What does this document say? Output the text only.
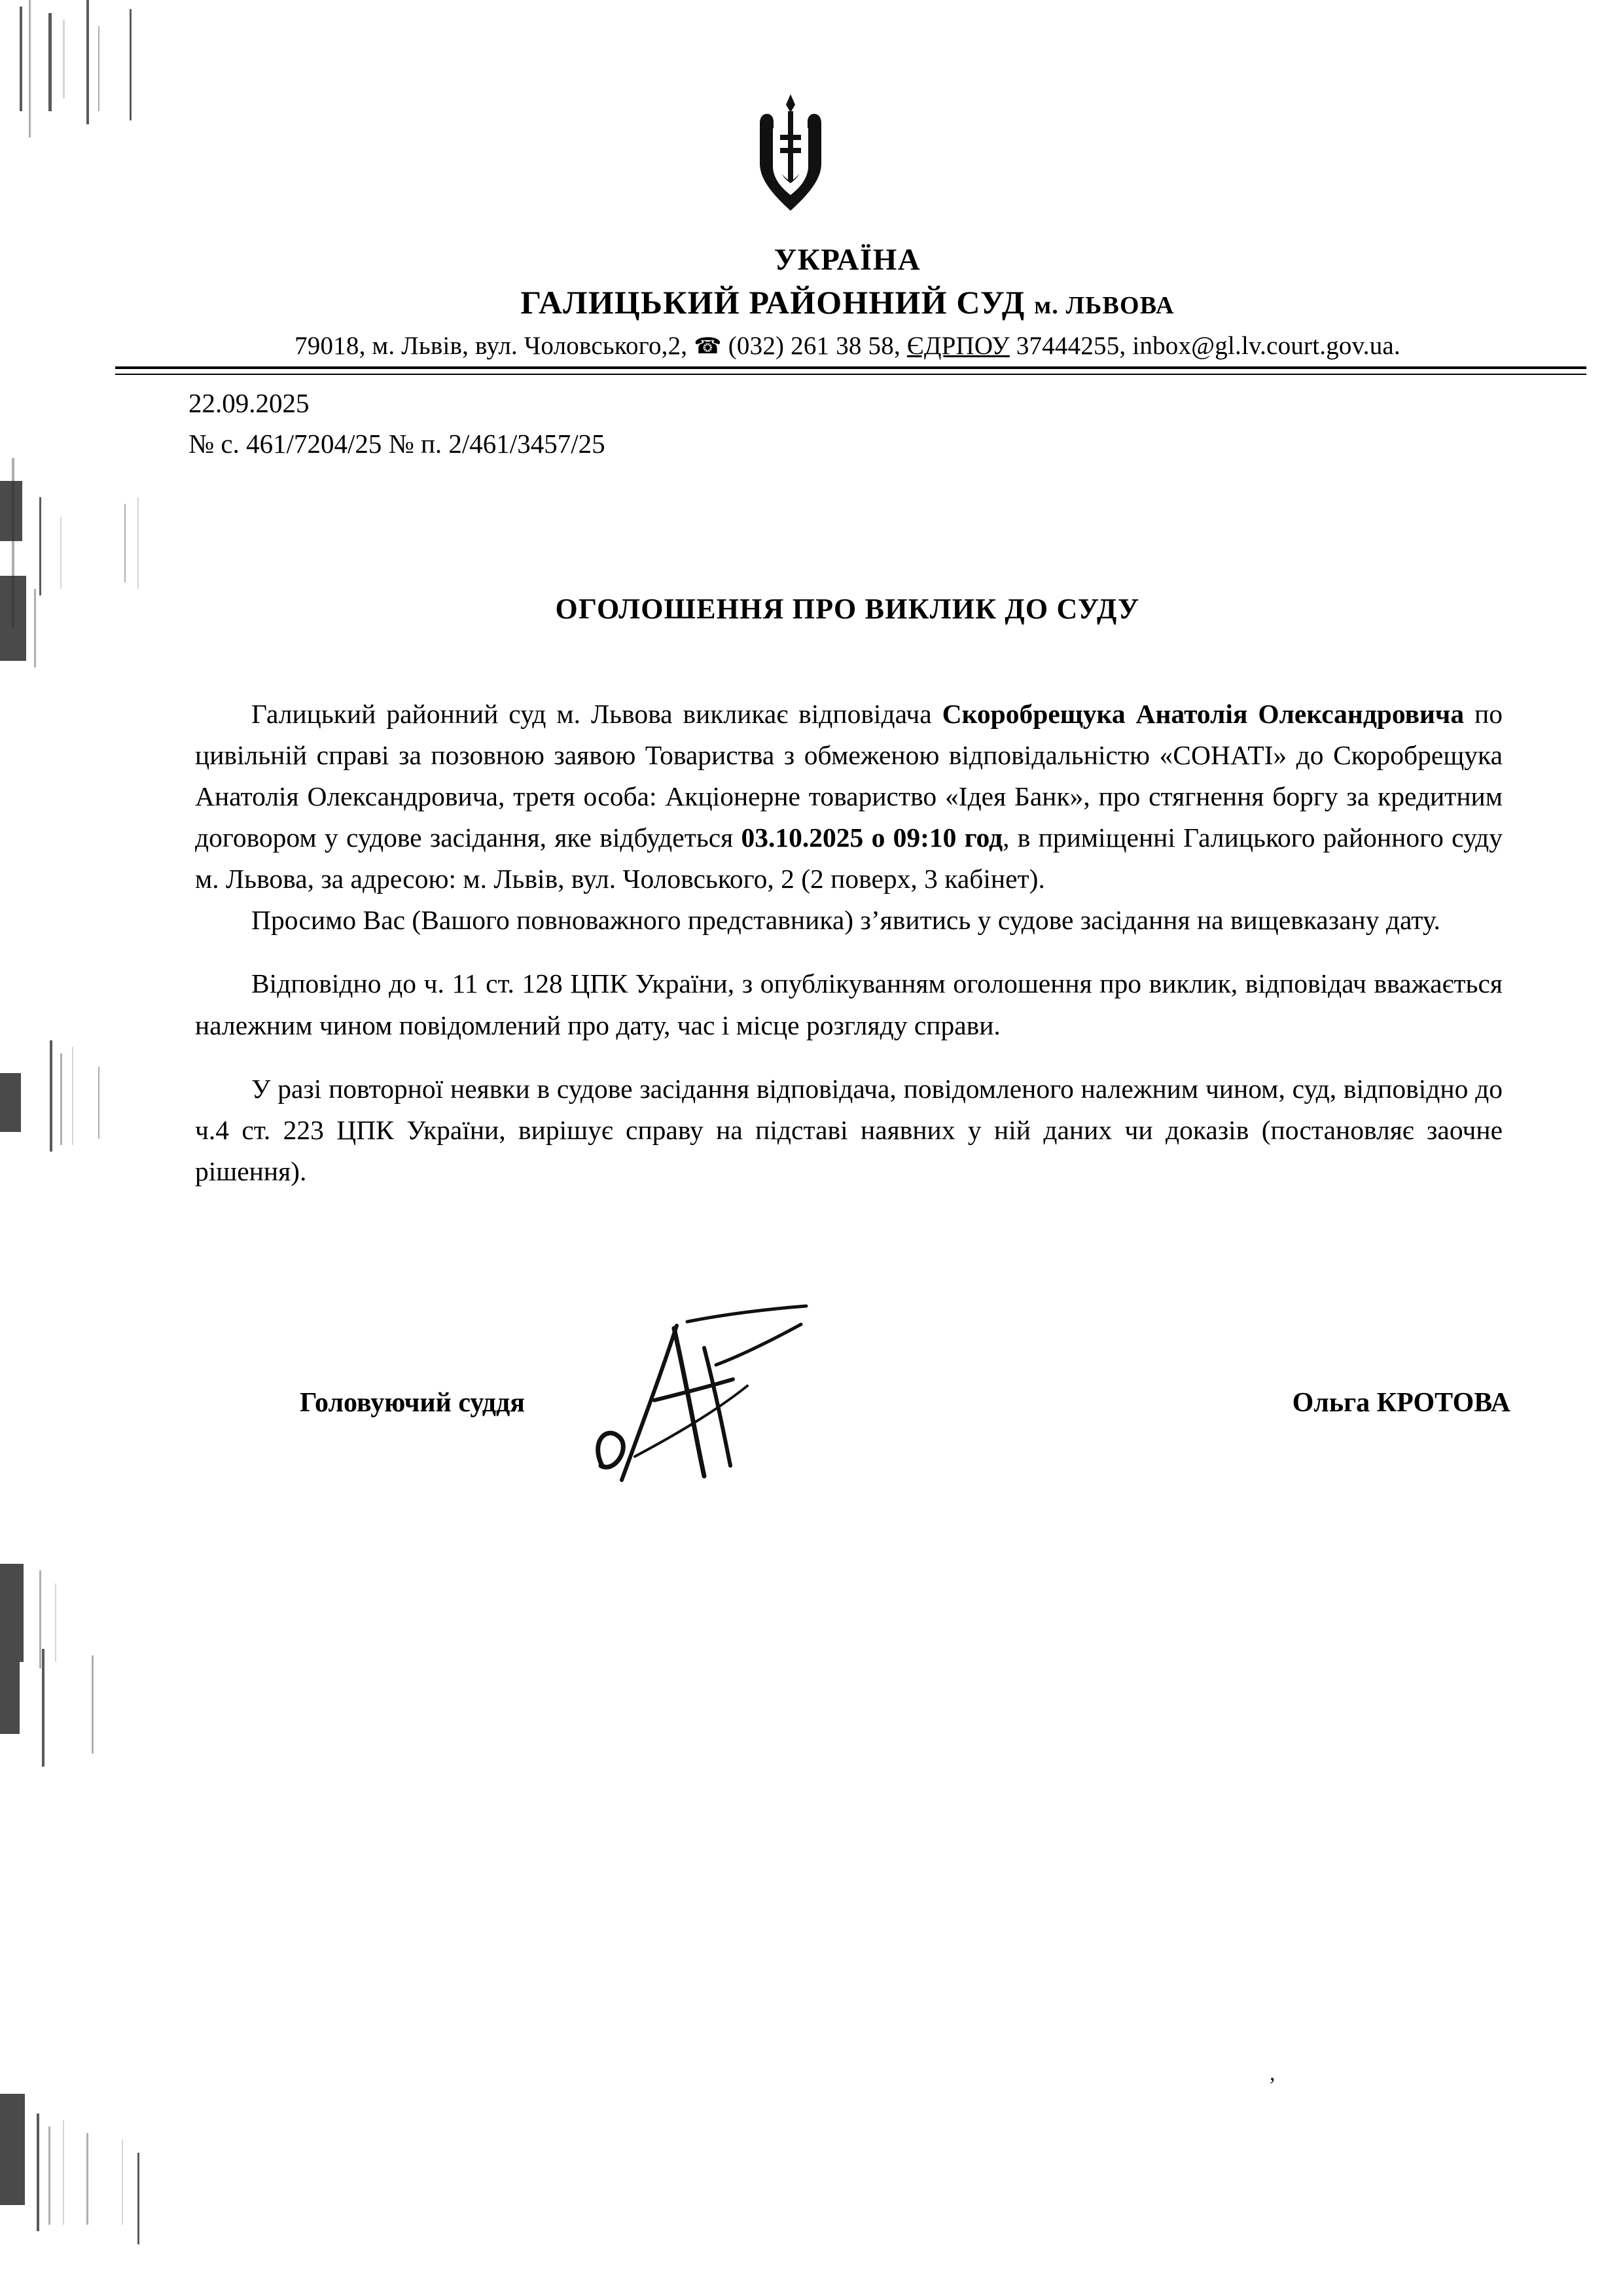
УКРАЇНА
ГАЛИЦЬКИЙ РАЙОННИЙ СУД м. ЛЬВОВА
79018, м. Львів, вул. Чоловського,2, ☎ (032) 261 38 58, ЄДРПОУ 37444255, inbox@gl.lv.court.gov.ua.
22.09.2025
№ с. 461/7204/25 № п. 2/461/3457/25
ОГОЛОШЕННЯ ПРО ВИКЛИК ДО СУДУ

Галицький районний суд м. Львова викликає відповідача Скоробрещука Анатолія Олександровича по цивільній справі за позовною заявою Товариства з обмеженою відповідальністю «СОНАТІ» до Скоробрещука Анатолія Олександровича, третя особа: Акціонерне товариство «Ідея Банк», про стягнення боргу за кредитним договором у судове засідання, яке відбудеться 03.10.2025 о 09:10 год, в приміщенні Галицького районного суду м. Львова, за адресою: м. Львів, вул. Чоловського, 2 (2 поверх, 3 кабінет).

Просимо Вас (Вашого повноважного представника) з’явитись у судове засідання на вищевказану дату.

Відповідно до ч. 11 ст. 128 ЦПК України, з опублікуванням оголошення про виклик, відповідач вважається належним чином повідомлений про дату, час і місце розгляду справи.

У разі повторної неявки в судове засідання відповідача, повідомленого належним чином, суд, відповідно до ч.4 ст. 223 ЦПК України, вирішує справу на підставі наявних у ній даних чи доказів (постановляє заочне рішення).

Головуючий суддя	Ольга КРОТОВА
,
